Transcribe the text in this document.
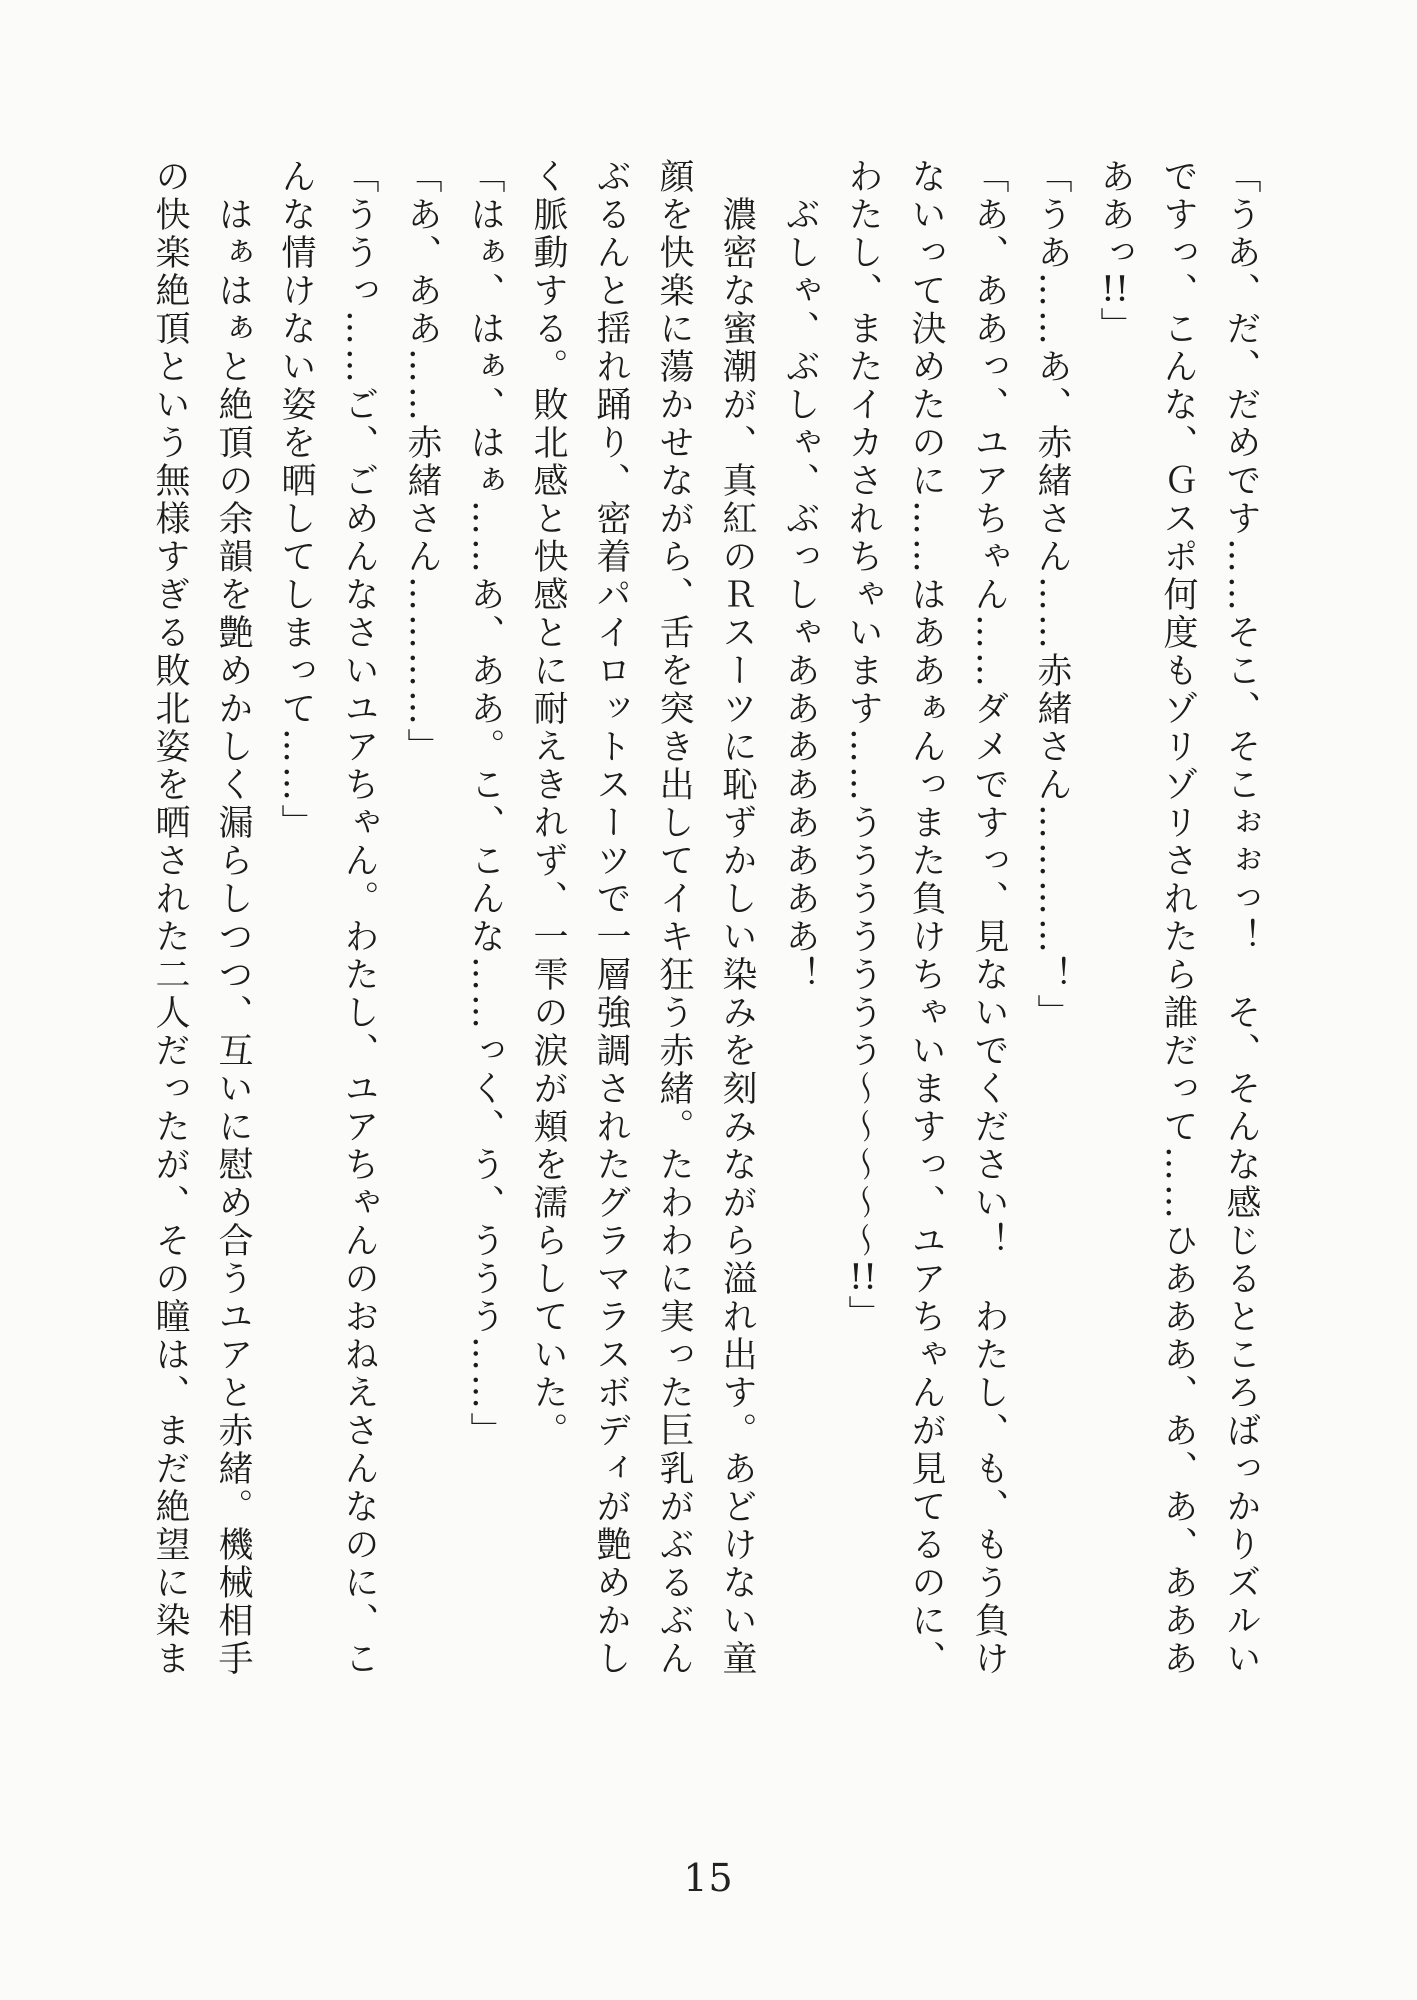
「うあ、だ、だめです……そこ、そこぉぉっ！　そ、そんな感じるところばっかりズルい

ですっ、こんな、Ｇスポ何度もゾリゾリされたら誰だって……ひあああ、あ、あ、あああ

ああっ!!」

「うあ……あ、赤緒さん……赤緒さん…………！」

「あ、ああっ、ユアちゃん……ダメですっ、見ないでください！　わたし、も、もう負け

ないって決めたのに……はああぁんっまた負けちゃいますっ、ユアちゃんが見てるのに、

わたし、またイカされちゃいます……ううううううう〜〜〜〜〜!!」

ぶしゃ、ぶしゃ、ぶっしゃああああああああ！

濃密な蜜潮が、真紅のＲスーツに恥ずかしい染みを刻みながら溢れ出す。あどけない童

顔を快楽に蕩かせながら、舌を突き出してイキ狂う赤緒。たわわに実った巨乳がぶるぶん

ぶるんと揺れ踊り、密着パイロットスーツで一層強調されたグラマラスボディが艶めかし

く脈動する。敗北感と快感とに耐えきれず、一雫の涙が頬を濡らしていた。

「はぁ、はぁ、はぁ……あ、ああ。こ、こんな……っく、う、ううう……」

「あ、ああ……赤緒さん…………」

「ううっ……ご、ごめんなさいユアちゃん。わたし、ユアちゃんのおねえさんなのに、こ

んな情けない姿を晒してしまって……」

はぁはぁと絶頂の余韻を艶めかしく漏らしつつ、互いに慰め合うユアと赤緒。機械相手

の快楽絶頂という無様すぎる敗北姿を晒された二人だったが、その瞳は、まだ絶望に染ま

15
